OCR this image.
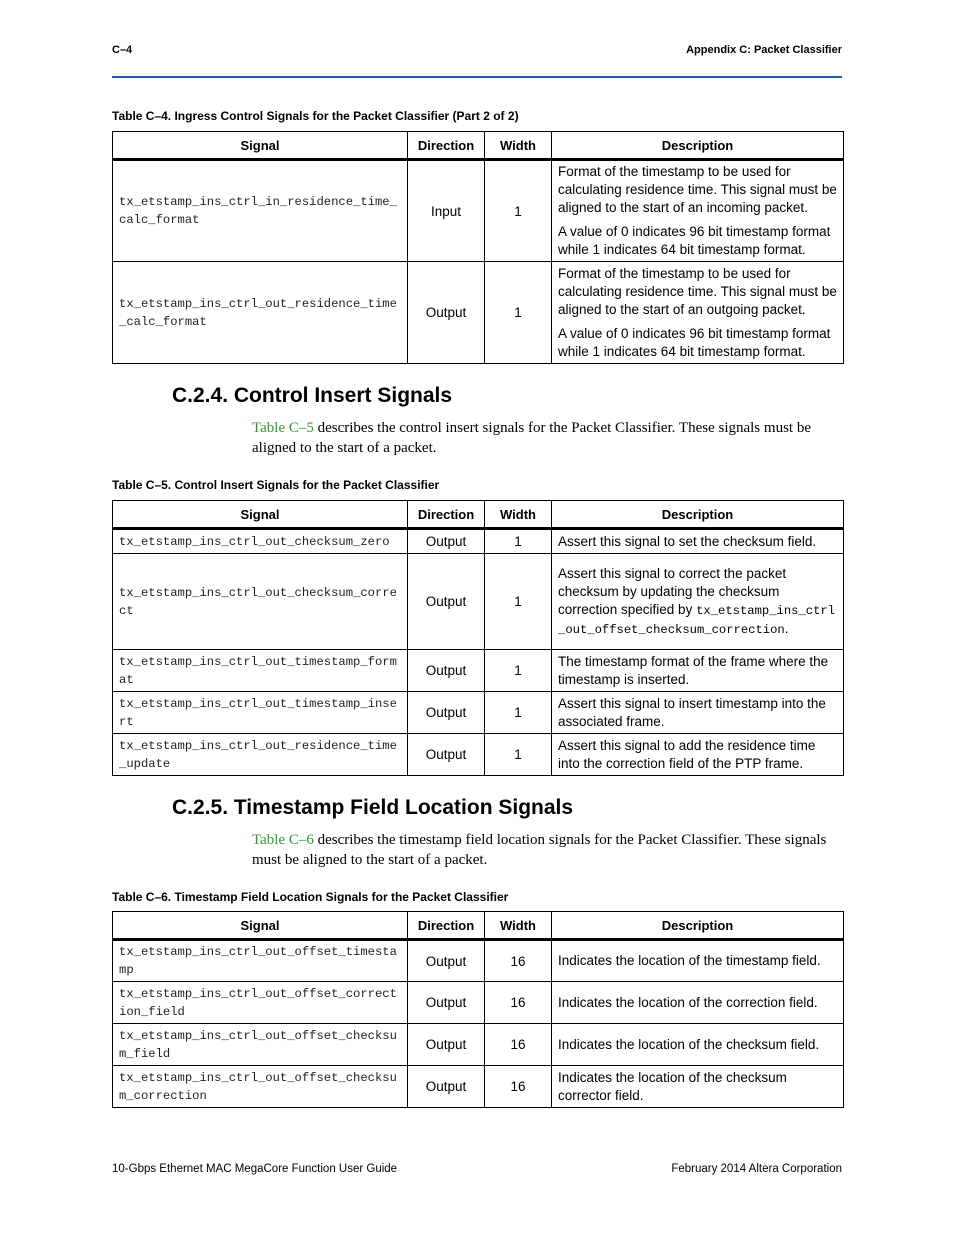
C–4	Appendix C: Packet Classifier
Table C–4. Ingress Control Signals for the Packet Classifier (Part 2 of 2)
Signal	Direction	Width	Description
tx_etstamp_ins_ctrl_in_residence_time_calc_format	Input	1	Format of the timestamp to be used for calculating residence time. This signal must be aligned to the start of an incoming packet.

A value of 0 indicates 96 bit timestamp format while 1 indicates 64 bit timestamp format.

tx_etstamp_ins_ctrl_out_residence_time_calc_format	Output	1	Format of the timestamp to be used for calculating residence time. This signal must be aligned to the start of an outgoing packet.

A value of 0 indicates 96 bit timestamp format while 1 indicates 64 bit timestamp format.

C.2.4. Control Insert Signals
Table C–5 describes the control insert signals for the Packet Classifier. These signals must be aligned to the start of a packet.
Table C–5. Control Insert Signals for the Packet Classifier
Signal	Direction	Width	Description
tx_etstamp_ins_ctrl_out_checksum_zero	Output	1	Assert this signal to set the checksum field.
tx_etstamp_ins_ctrl_out_checksum_correct	Output	1	Assert this signal to correct the packet checksum by updating the checksum correction specified by tx_etstamp_ins_ctrl_out_offset_checksum_correction.
tx_etstamp_ins_ctrl_out_timestamp_format	Output	1	The timestamp format of the frame where the timestamp is inserted.
tx_etstamp_ins_ctrl_out_timestamp_insert	Output	1	Assert this signal to insert timestamp into the associated frame.
tx_etstamp_ins_ctrl_out_residence_time_update	Output	1	Assert this signal to add the residence time into the correction field of the PTP frame.
C.2.5. Timestamp Field Location Signals
Table C–6 describes the timestamp field location signals for the Packet Classifier. These signals must be aligned to the start of a packet.
Table C–6. Timestamp Field Location Signals for the Packet Classifier
Signal	Direction	Width	Description
tx_etstamp_ins_ctrl_out_offset_timestamp	Output	16	Indicates the location of the timestamp field.
tx_etstamp_ins_ctrl_out_offset_correction_field	Output	16	Indicates the location of the correction field.
tx_etstamp_ins_ctrl_out_offset_checksum_field	Output	16	Indicates the location of the checksum field.
tx_etstamp_ins_ctrl_out_offset_checksum_correction	Output	16	Indicates the location of the checksum corrector field.
10-Gbps Ethernet MAC MegaCore Function User Guide	February 2014 Altera Corporation
